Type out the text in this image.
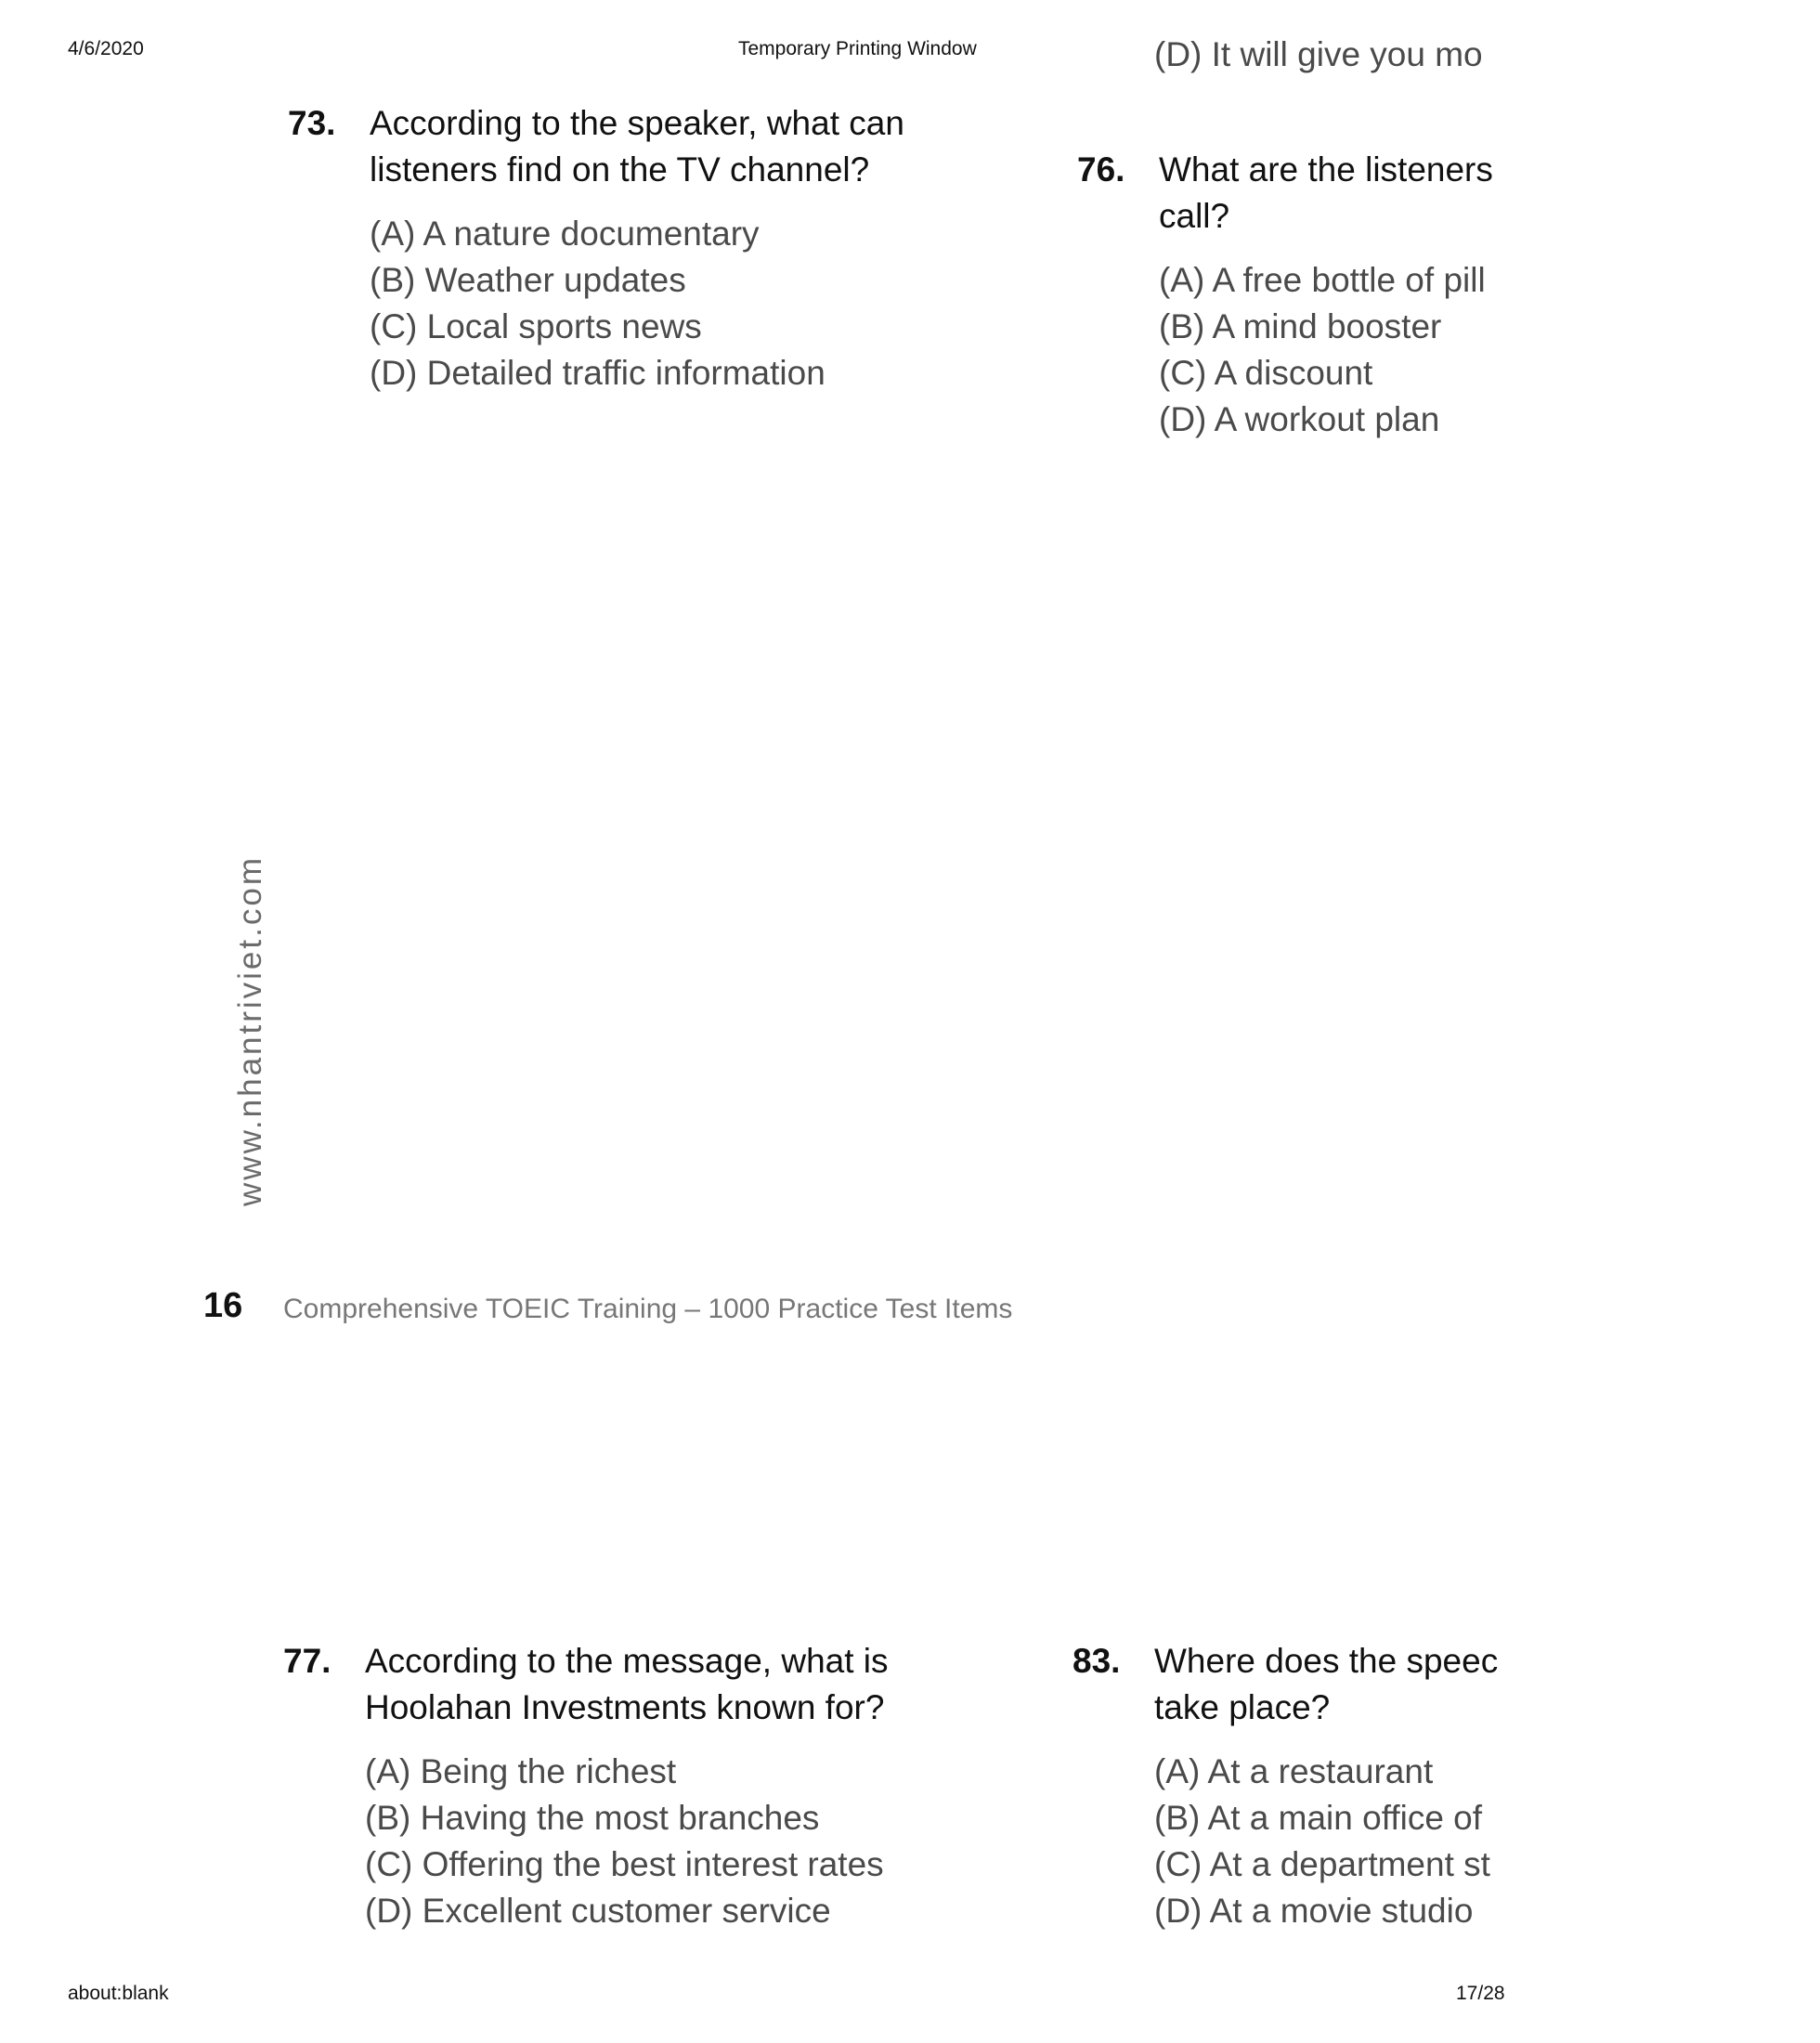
4/6/2020	Temporary Printing Window	(D) It will give you mo
73. According to the speaker, what can
listeners find on the TV channel?
(A) A nature documentary
(B) Weather updates
(C) Local sports news
(D) Detailed traffic information
76. What are the listeners
call?
(A) A free bottle of pill
(B) A mind booster
(C) A discount
(D) A workout plan
www.nhantriviet.com
16 Comprehensive TOEIC Training – 1000 Practice Test Items
77. According to the message, what is
Hoolahan Investments known for?
(A) Being the richest
(B) Having the most branches
(C) Offering the best interest rates
(D) Excellent customer service
83. Where does the speec
take place?
(A) At a restaurant
(B) At a main office of
(C) At a department st
(D) At a movie studio
about:blank	17/28
